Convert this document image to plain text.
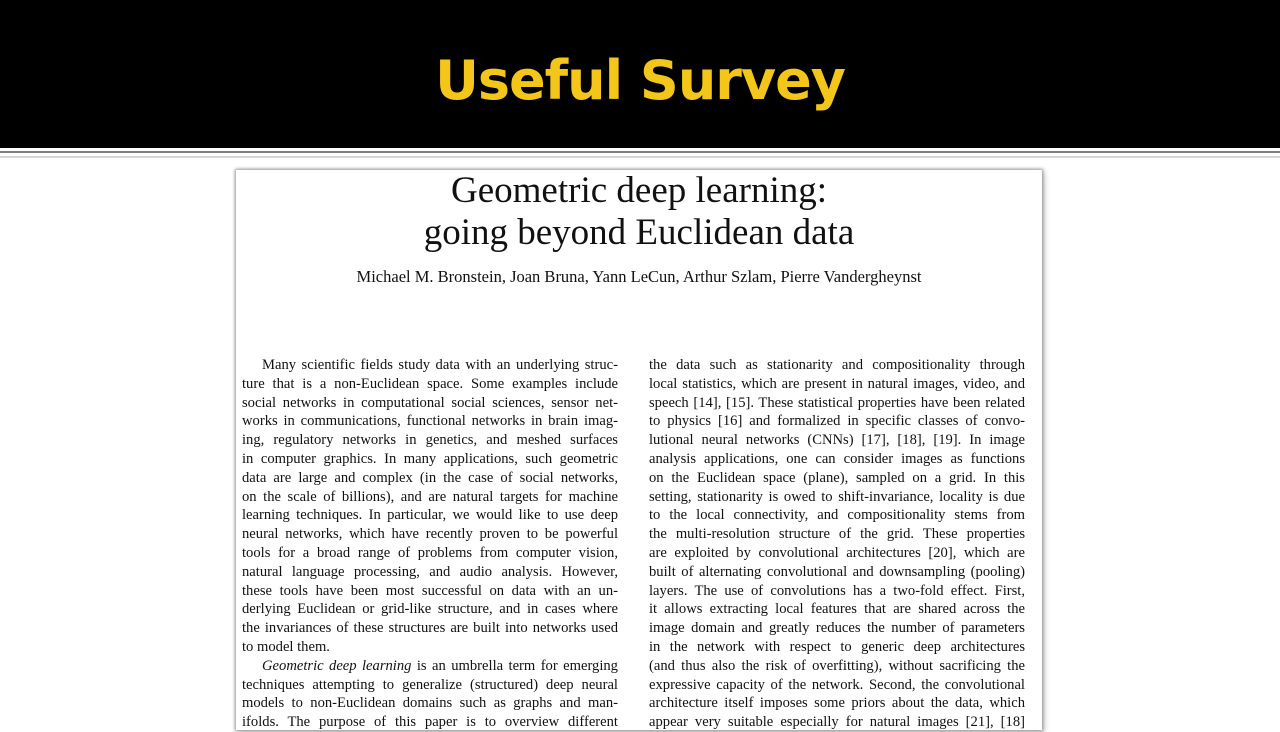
Useful Survey
Geometric deep learning:
going beyond Euclidean data
Michael M. Bronstein, Joan Bruna, Yann LeCun, Arthur Szlam, Pierre Vandergheynst
Many scientific fields study data with an underlying struc-
ture that is a non-Euclidean space. Some examples include
social networks in computational social sciences, sensor net-
works in communications, functional networks in brain imag-
ing, regulatory networks in genetics, and meshed surfaces
in computer graphics. In many applications, such geometric
data are large and complex (in the case of social networks,
on the scale of billions), and are natural targets for machine
learning techniques. In particular, we would like to use deep
neural networks, which have recently proven to be powerful
tools for a broad range of problems from computer vision,
natural language processing, and audio analysis. However,
these tools have been most successful on data with an un-
derlying Euclidean or grid-like structure, and in cases where
the invariances of these structures are built into networks used
to model them.
Geometric deep learning is an umbrella term for emerging
techniques attempting to generalize (structured) deep neural
models to non-Euclidean domains such as graphs and man-
ifolds. The purpose of this paper is to overview different
the data such as stationarity and compositionality through
local statistics, which are present in natural images, video, and
speech [14], [15]. These statistical properties have been related
to physics [16] and formalized in specific classes of convo-
lutional neural networks (CNNs) [17], [18], [19]. In image
analysis applications, one can consider images as functions
on the Euclidean space (plane), sampled on a grid. In this
setting, stationarity is owed to shift-invariance, locality is due
to the local connectivity, and compositionality stems from
the multi-resolution structure of the grid. These properties
are exploited by convolutional architectures [20], which are
built of alternating convolutional and downsampling (pooling)
layers. The use of convolutions has a two-fold effect. First,
it allows extracting local features that are shared across the
image domain and greatly reduces the number of parameters
in the network with respect to generic deep architectures
(and thus also the risk of overfitting), without sacrificing the
expressive capacity of the network. Second, the convolutional
architecture itself imposes some priors about the data, which
appear very suitable especially for natural images [21], [18]
